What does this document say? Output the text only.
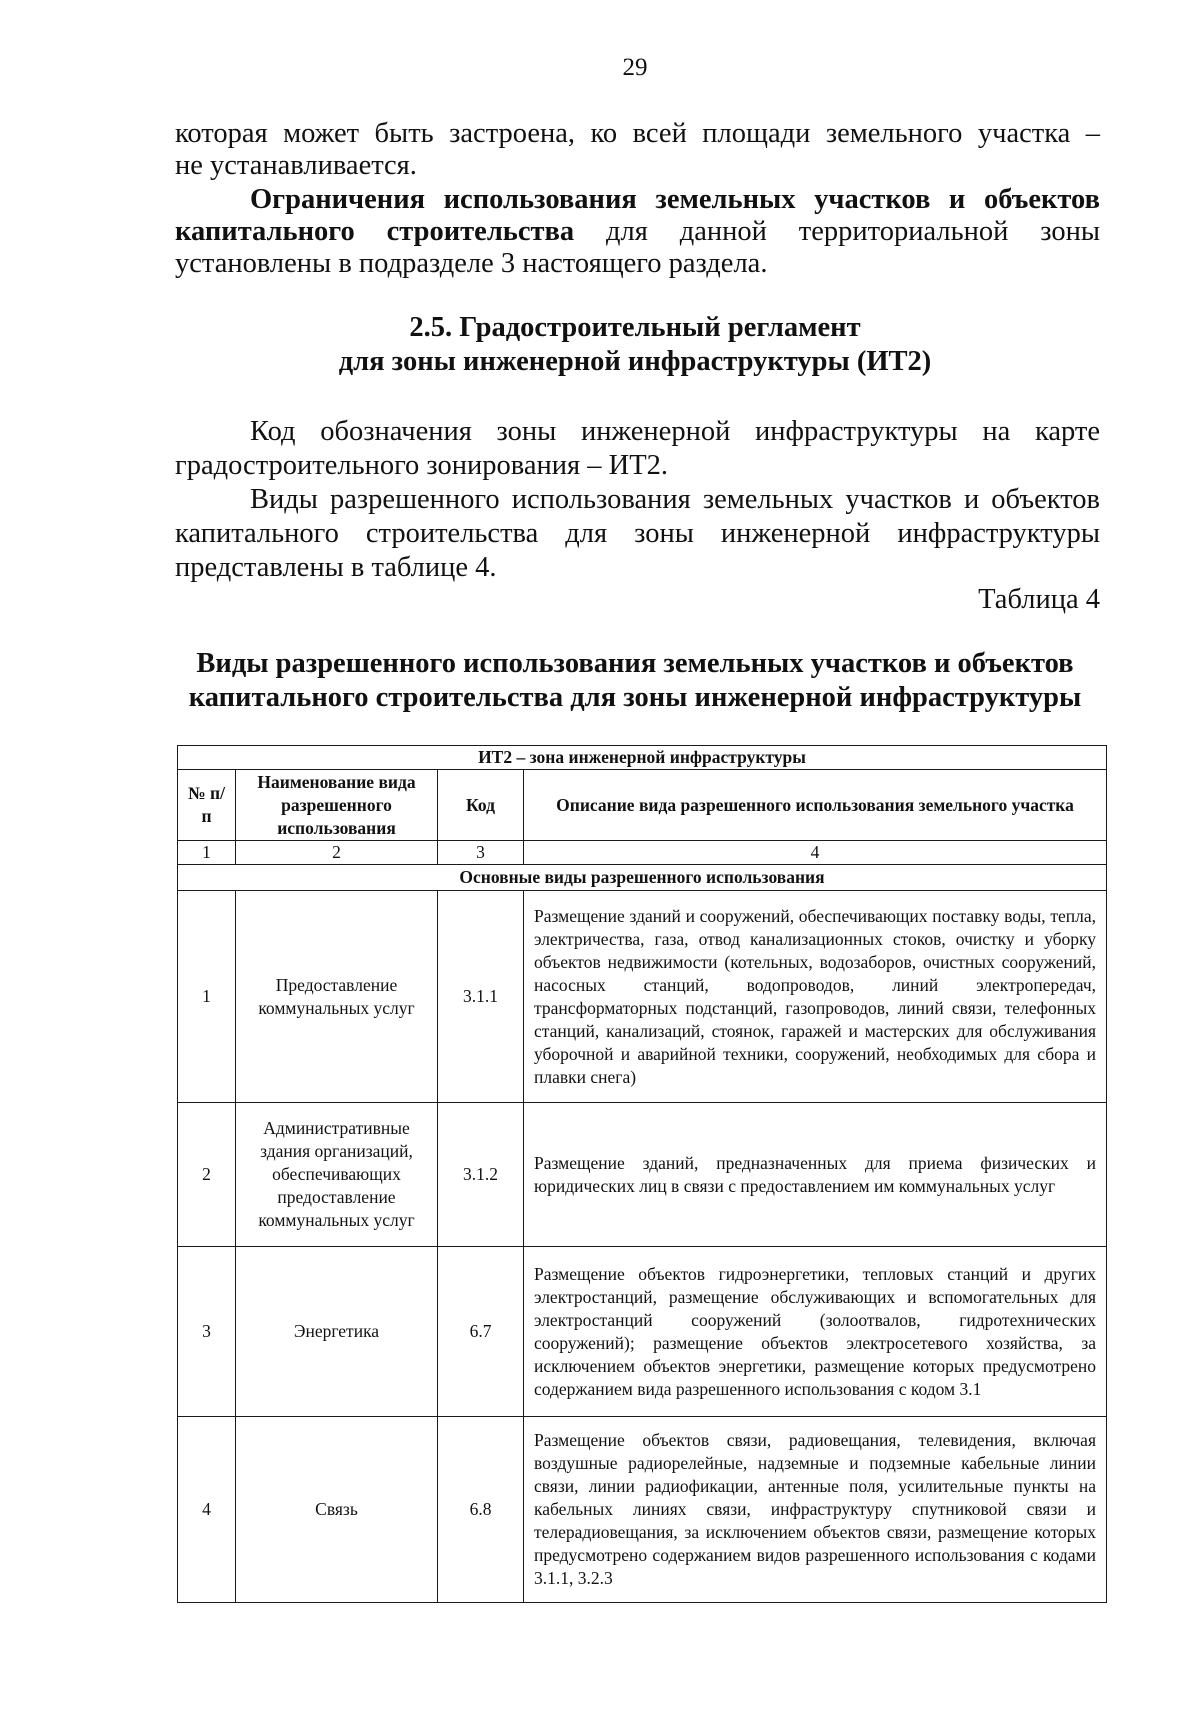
29
которая может быть застроена, ко всей площади земельного участка –
не устанавливается.
Ограничения использования земельных участков и объектов
капитального строительства для данной территориальной зоны
установлены в подразделе 3 настоящего раздела.
2.5. Градостроительный регламент
для зоны инженерной инфраструктуры (ИТ2)
Код обозначения зоны инженерной инфраструктуры на карте
градостроительного зонирования – ИТ2.
Виды разрешенного использования земельных участков и объектов
капитального строительства для зоны инженерной инфраструктуры
представлены в таблице 4.
Таблица 4
Виды разрешенного использования земельных участков и объектов
капитального строительства для зоны инженерной инфраструктуры
ИТ2 – зона инженерной инфраструктуры			
№ п/п	Наименование вида разрешенного использования	Код	Описание вида разрешенного использования земельного участка
1	2	3	4
Основные виды разрешенного использования			
1	Предоставление коммунальных услуг	3.1.1	Размещение зданий и сооружений, обеспечивающих поставку воды, тепла, электричества, газа, отвод канализационных стоков, очистку и уборку объектов недвижимости (котельных, водозаборов, очистных сооружений, насосных станций, водопроводов, линий электропередач, трансформаторных подстанций, газопроводов, линий связи, телефонных станций, канализаций, стоянок, гаражей и мастерских для обслуживания уборочной и аварийной техники, сооружений, необходимых для сбора и плавки снега)
2	Административные здания организаций, обеспечивающих предоставление коммунальных услуг	3.1.2	Размещение зданий, предназначенных для приема физических и юридических лиц в связи с предоставлением им коммунальных услуг
3	Энергетика	6.7	Размещение объектов гидроэнергетики, тепловых станций и других электростанций, размещение обслуживающих и вспомогательных для электростанций сооружений (золоотвалов, гидротехнических сооружений); размещение объектов электросетевого хозяйства, за исключением объектов энергетики, размещение которых предусмотрено содержанием вида разрешенного использования с кодом 3.1
4	Связь	6.8	Размещение объектов связи, радиовещания, телевидения, включая воздушные радиорелейные, надземные и подземные кабельные линии связи, линии радиофикации, антенные поля, усилительные пункты на кабельных линиях связи, инфраструктуру спутниковой связи и телерадиовещания, за исключением объектов связи, размещение которых предусмотрено содержанием видов разрешенного использования с кодами 3.1.1, 3.2.3
